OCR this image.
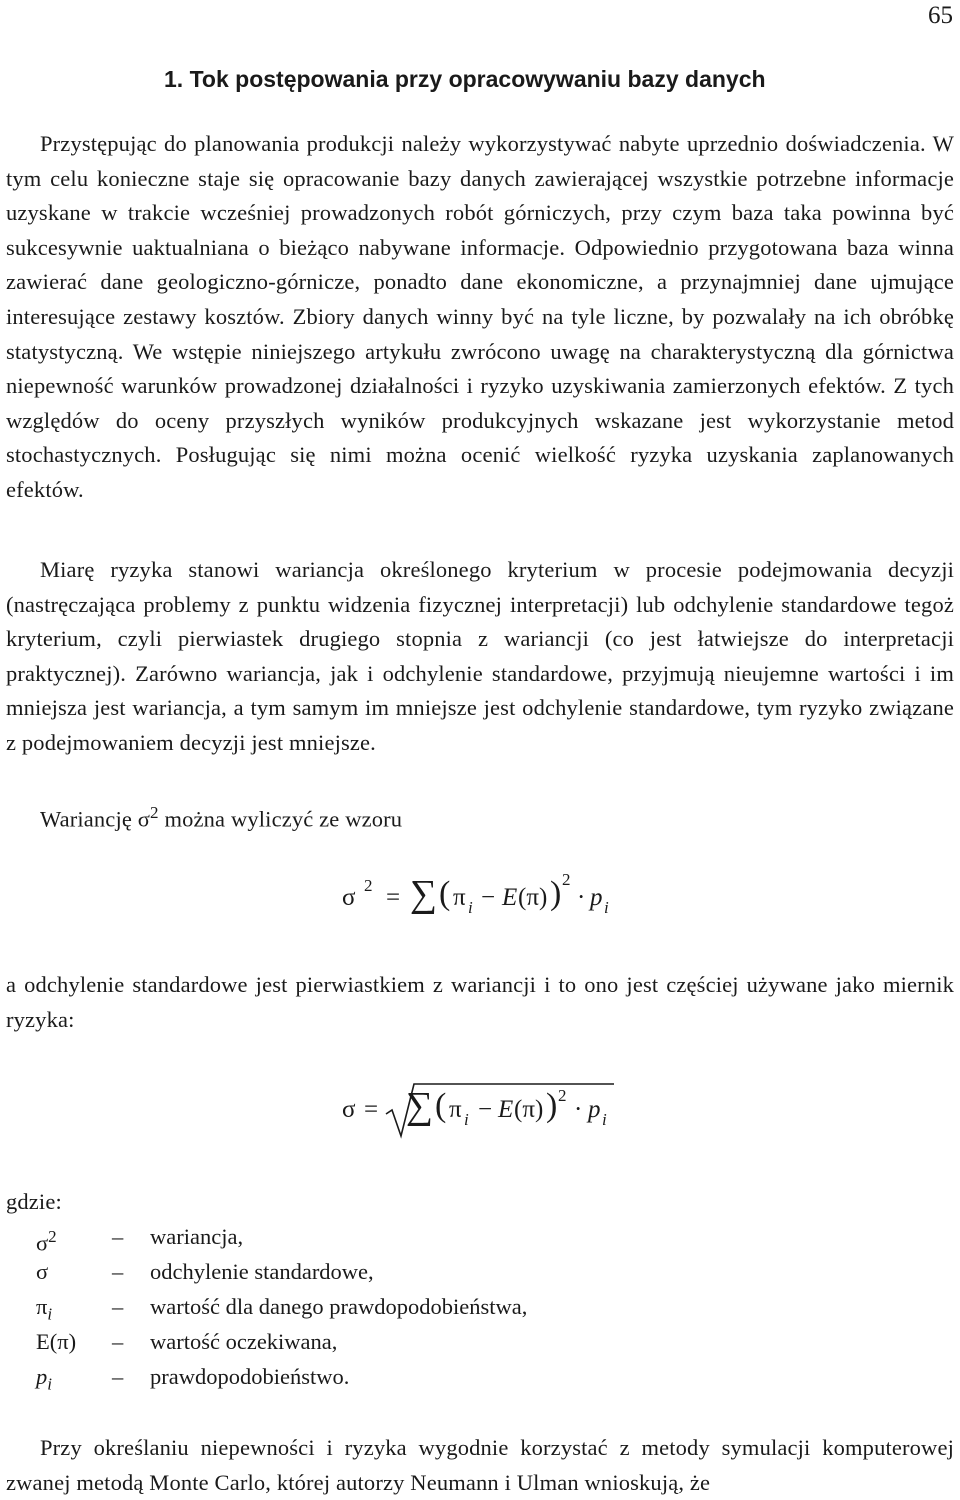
65
1. Tok postępowania przy opracowywaniu bazy danych

Przystępując do planowania produkcji należy wykorzystywać nabyte uprzednio doświadczenia. W tym celu konieczne staje się opracowanie bazy danych zawierającej wszystkie potrzebne informacje uzyskane w trakcie wcześniej prowadzonych robót górniczych, przy czym baza taka powinna być sukcesywnie uaktualniana o bieżąco nabywane informacje. Odpowiednio przygotowana baza winna zawierać dane geologiczno-górnicze, ponadto dane ekonomiczne, a przynajmniej dane ujmujące interesujące zestawy kosztów. Zbiory danych winny być na tyle liczne, by pozwalały na ich obróbkę statystyczną. We wstępie niniejszego artykułu zwrócono uwagę na charakterystyczną dla górnictwa niepewność warunków prowadzonej działalności i ryzyko uzyskiwania zamierzonych efektów. Z tych względów do oceny przyszłych wyników produkcyjnych wskazane jest wykorzystanie metod stochastycznych. Posługując się nimi można ocenić wielkość ryzyka uzyskania zaplanowanych efektów.

Miarę ryzyka stanowi wariancja określonego kryterium w procesie podejmowania decyzji (nastręczająca problemy z punktu widzenia fizycznej interpretacji) lub odchylenie standardowe tegoż kryterium, czyli pierwiastek drugiego stopnia z wariancji (co jest łatwiejsze do interpretacji praktycznej). Zarówno wariancja, jak i odchylenie standardowe, przyjmują nieujemne wartości i im mniejsza jest wariancja, a tym samym im mniejsze jest odchylenie standardowe, tym ryzyko związane z podejmowaniem decyzji jest mniejsze.

Wariancję $\sigma^2$ można wyliczyć ze wzoru

σ 2 = ∑ ( π i − E (π) ) 2
· p i

a odchylenie standardowe jest pierwiastkiem z wariancji i to ono jest częściej używane jako miernik ryzyka:

σ = ∑ ( π i − E (π) ) 2
· p i

gdzie:

$\sigma^2$ – wariancja,
σ	– odchylenie standardowe,
$\pi_i$	– wartość dla danego prawdopodobieństwa,
E(π) – wartość oczekiwana,
$p_i$	– prawdopodobieństwo.

Przy określaniu niepewności i ryzyka wygodnie korzystać z metody symulacji komputerowej zwanej metodą Monte Carlo, której autorzy Neumann i Ulman wnioskują, że
